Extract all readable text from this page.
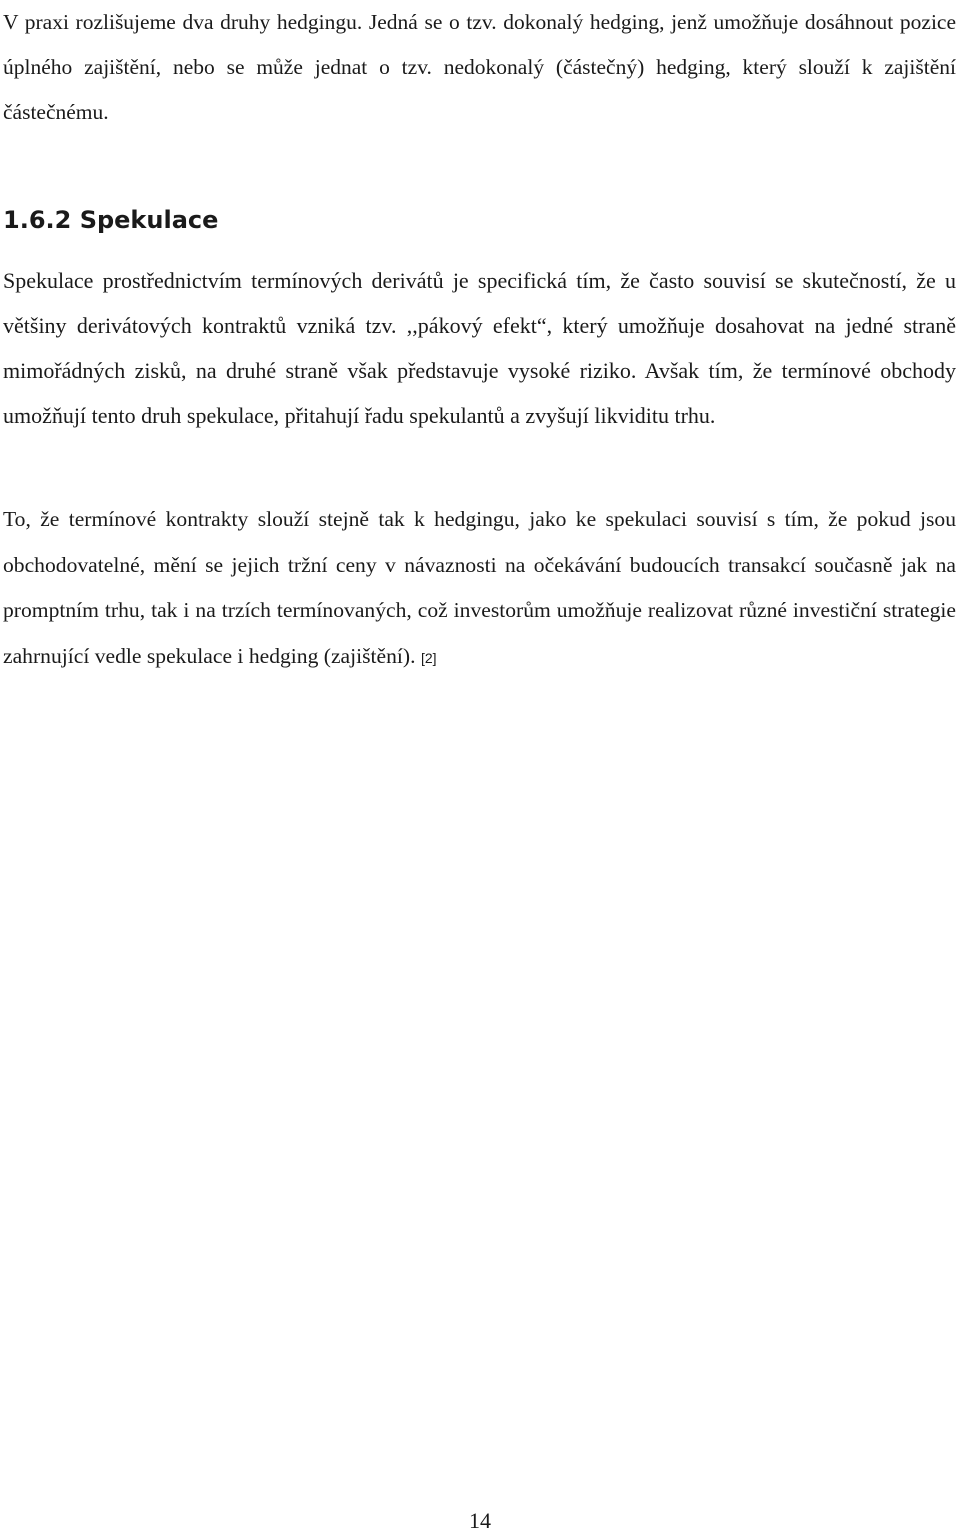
V praxi rozlišujeme dva druhy hedgingu. Jedná se o tzv. dokonalý hedging, jenž umožňuje dosáhnout pozice úplného zajištění, nebo se může jednat o tzv. nedokonalý (částečný) hedging, který slouží k zajištění částečnému.

1.6.2 Spekulace

Spekulace prostřednictvím termínových derivátů je specifická tím, že často souvisí se skutečností, že u většiny derivátových kontraktů vzniká tzv. ,,pákový efekt“, který umožňuje dosahovat na jedné straně mimořádných zisků, na druhé straně však představuje vysoké riziko. Avšak tím, že termínové obchody umožňují tento druh spekulace, přitahují řadu spekulantů a zvyšují likviditu trhu.

To, že termínové kontrakty slouží stejně tak k hedgingu, jako ke spekulaci souvisí s tím, že pokud jsou obchodovatelné, mění se jejich tržní ceny v návaznosti na očekávání budoucích transakcí současně jak na promptním trhu, tak i na trzích termínovaných, což investorům umožňuje realizovat různé investiční strategie zahrnující vedle spekulace i hedging (zajištění). [2]

14
